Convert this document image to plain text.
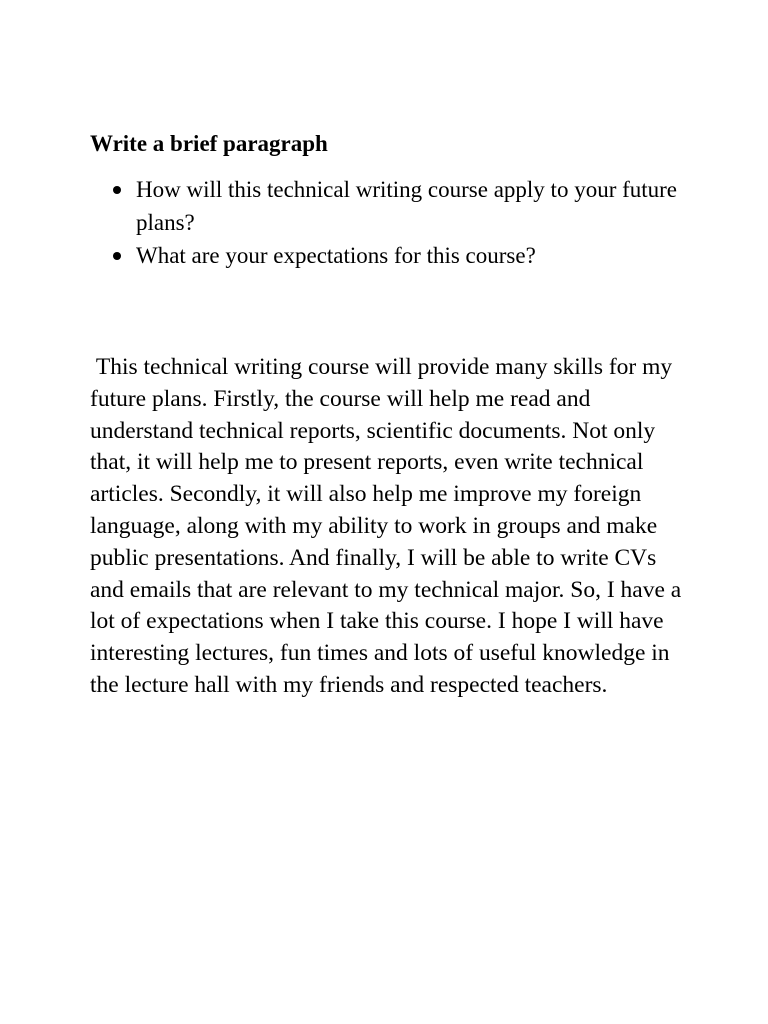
Write a brief paragraph
How will this technical writing course apply to your future plans?
What are your expectations for this course?

This technical writing course will provide many skills for my future plans. Firstly, the course will help me read and understand technical reports, scientific documents. Not only that, it will help me to present reports, even write technical articles. Secondly, it will also help me improve my foreign language, along with my ability to work in groups and make public presentations. And finally, I will be able to write CVs and emails that are relevant to my technical major. So, I have a lot of expectations when I take this course. I hope I will have interesting lectures, fun times and lots of useful knowledge in the lecture hall with my friends and respected teachers.
